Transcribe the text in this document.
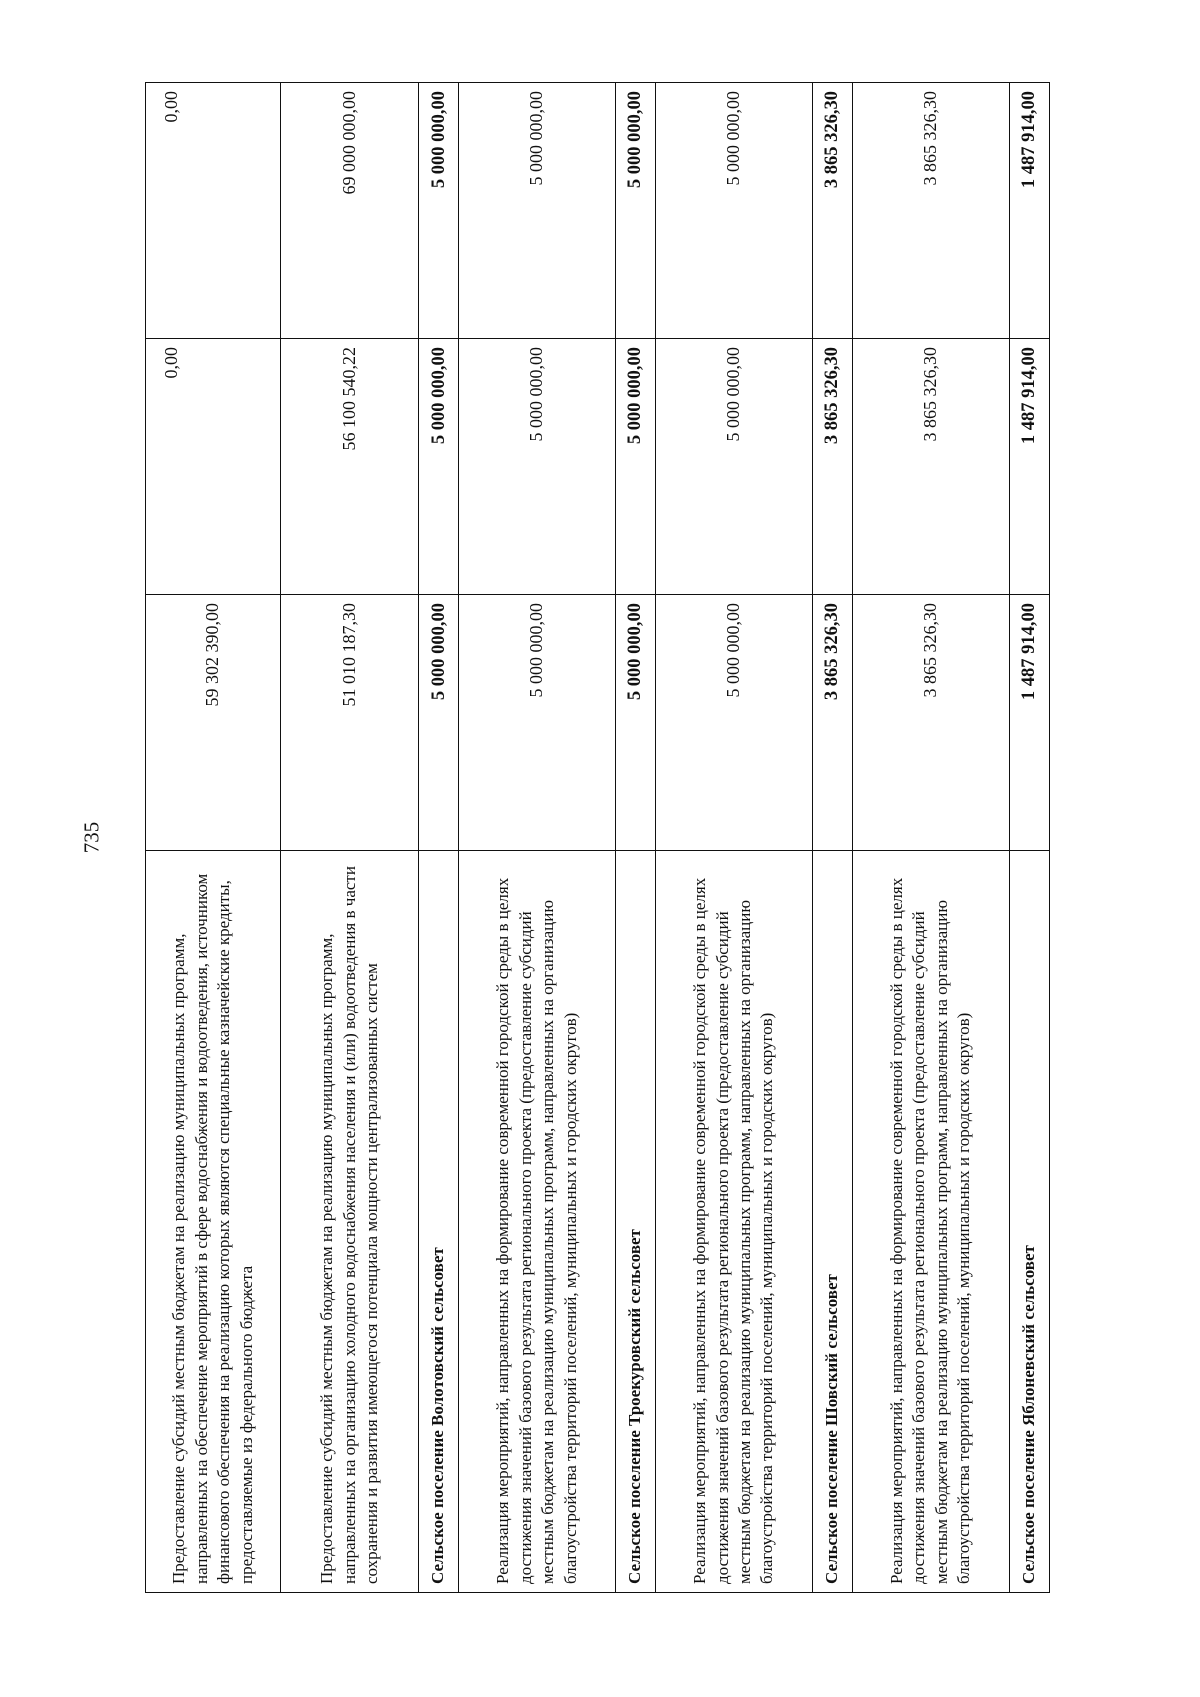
735
Предоставление субсидий местным бюджетам на реализацию муниципальных программ, направленных на обеспечение мероприятий в сфере водоснабжения и водоотведения, источником финансового обеспечения на реализацию которых являются специальные казначейские кредиты, предоставляемые из федерального бюджета	59 302 390,00	0,00	0,00
Предоставление субсидий местным бюджетам на реализацию муниципальных программ, направленных на организацию холодного водоснабжения населения и (или) водоотведения в части сохранения и развития имеющегося потенциала мощности централизованных систем	51 010 187,30	56 100 540,22	69 000 000,00
Сельское поселение Волотовский сельсовет	5 000 000,00	5 000 000,00	5 000 000,00
Реализация мероприятий, направленных на формирование современной городской среды в целях достижения значений базового результата регионального проекта (предоставление субсидий местным бюджетам на реализацию муниципальных программ, направленных на организацию благоустройства территорий поселений, муниципальных и городских округов)	5 000 000,00	5 000 000,00	5 000 000,00
Сельское поселение Троекуровский сельсовет	5 000 000,00	5 000 000,00	5 000 000,00
Реализация мероприятий, направленных на формирование современной городской среды в целях достижения значений базового результата регионального проекта (предоставление субсидий местным бюджетам на реализацию муниципальных программ, направленных на организацию благоустройства территорий поселений, муниципальных и городских округов)	5 000 000,00	5 000 000,00	5 000 000,00
Сельское поселение Шовский сельсовет	3 865 326,30	3 865 326,30	3 865 326,30
Реализация мероприятий, направленных на формирование современной городской среды в целях достижения значений базового результата регионального проекта (предоставление субсидий местным бюджетам на реализацию муниципальных программ, направленных на организацию благоустройства территорий поселений, муниципальных и городских округов)	3 865 326,30	3 865 326,30	3 865 326,30
Сельское поселение Яблоневский сельсовет	1 487 914,00	1 487 914,00	1 487 914,00
